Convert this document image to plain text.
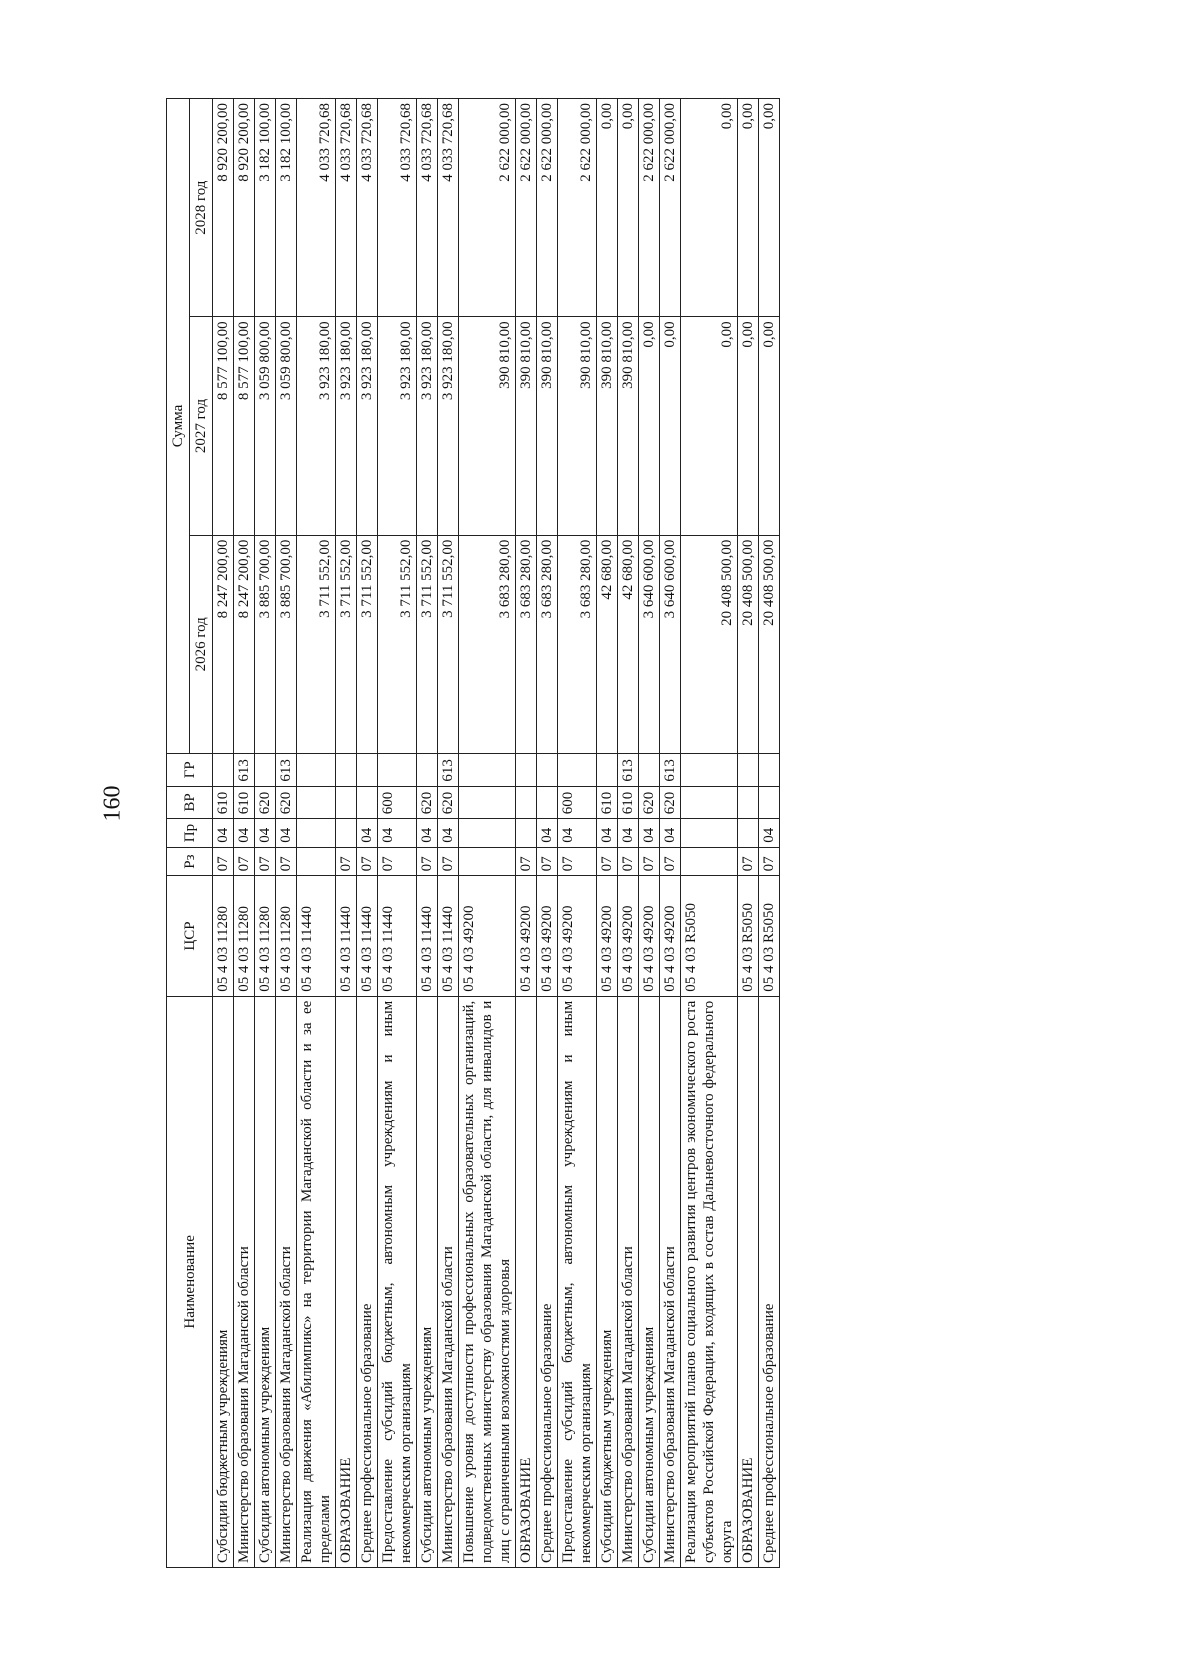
160
Наименование	ЦСР	Рз	Пр	ВР	ГР	Сумма		
						2026 год	2027 год	2028 год
Субсидии бюджетным учреждениям	05 4 03 11280	07	04	610		8 247 200,00	8 577 100,00	8 920 200,00
Министерство образования Магаданской области	05 4 03 11280	07	04	610	613	8 247 200,00	8 577 100,00	8 920 200,00
Субсидии автономным учреждениям	05 4 03 11280	07	04	620		3 885 700,00	3 059 800,00	3 182 100,00
Министерство образования Магаданской области	05 4 03 11280	07	04	620	613	3 885 700,00	3 059 800,00	3 182 100,00
Реализация движения «Абилимпикс» на территории Магаданской области и за ее пределами	05 4 03 11440					3 711 552,00	3 923 180,00	4 033 720,68
ОБРАЗОВАНИЕ	05 4 03 11440	07				3 711 552,00	3 923 180,00	4 033 720,68
Среднее профессиональное образование	05 4 03 11440	07	04			3 711 552,00	3 923 180,00	4 033 720,68
Предоставление субсидий бюджетным, автономным учреждениям и иным некоммерческим организациям	05 4 03 11440	07	04	600		3 711 552,00	3 923 180,00	4 033 720,68
Субсидии автономным учреждениям	05 4 03 11440	07	04	620		3 711 552,00	3 923 180,00	4 033 720,68
Министерство образования Магаданской области	05 4 03 11440	07	04	620	613	3 711 552,00	3 923 180,00	4 033 720,68
Повышение уровня доступности профессиональных образовательных организаций, подведомственных министерству образования Магаданской области, для инвалидов и лиц с ограниченными возможностями здоровья	05 4 03 49200					3 683 280,00	390 810,00	2 622 000,00
ОБРАЗОВАНИЕ	05 4 03 49200	07				3 683 280,00	390 810,00	2 622 000,00
Среднее профессиональное образование	05 4 03 49200	07	04			3 683 280,00	390 810,00	2 622 000,00
Предоставление субсидий бюджетным, автономным учреждениям и иным некоммерческим организациям	05 4 03 49200	07	04	600		3 683 280,00	390 810,00	2 622 000,00
Субсидии бюджетным учреждениям	05 4 03 49200	07	04	610		42 680,00	390 810,00	0,00
Министерство образования Магаданской области	05 4 03 49200	07	04	610	613	42 680,00	390 810,00	0,00
Субсидии автономным учреждениям	05 4 03 49200	07	04	620		3 640 600,00	0,00	2 622 000,00
Министерство образования Магаданской области	05 4 03 49200	07	04	620	613	3 640 600,00	0,00	2 622 000,00
Реализация мероприятий планов социального развития центров экономического роста субъектов Российской Федерации, входящих в состав Дальневосточного федерального округа	05 4 03 R5050					20 408 500,00	0,00	0,00
ОБРАЗОВАНИЕ	05 4 03 R5050	07				20 408 500,00	0,00	0,00
Среднее профессиональное образование	05 4 03 R5050	07	04			20 408 500,00	0,00	0,00
